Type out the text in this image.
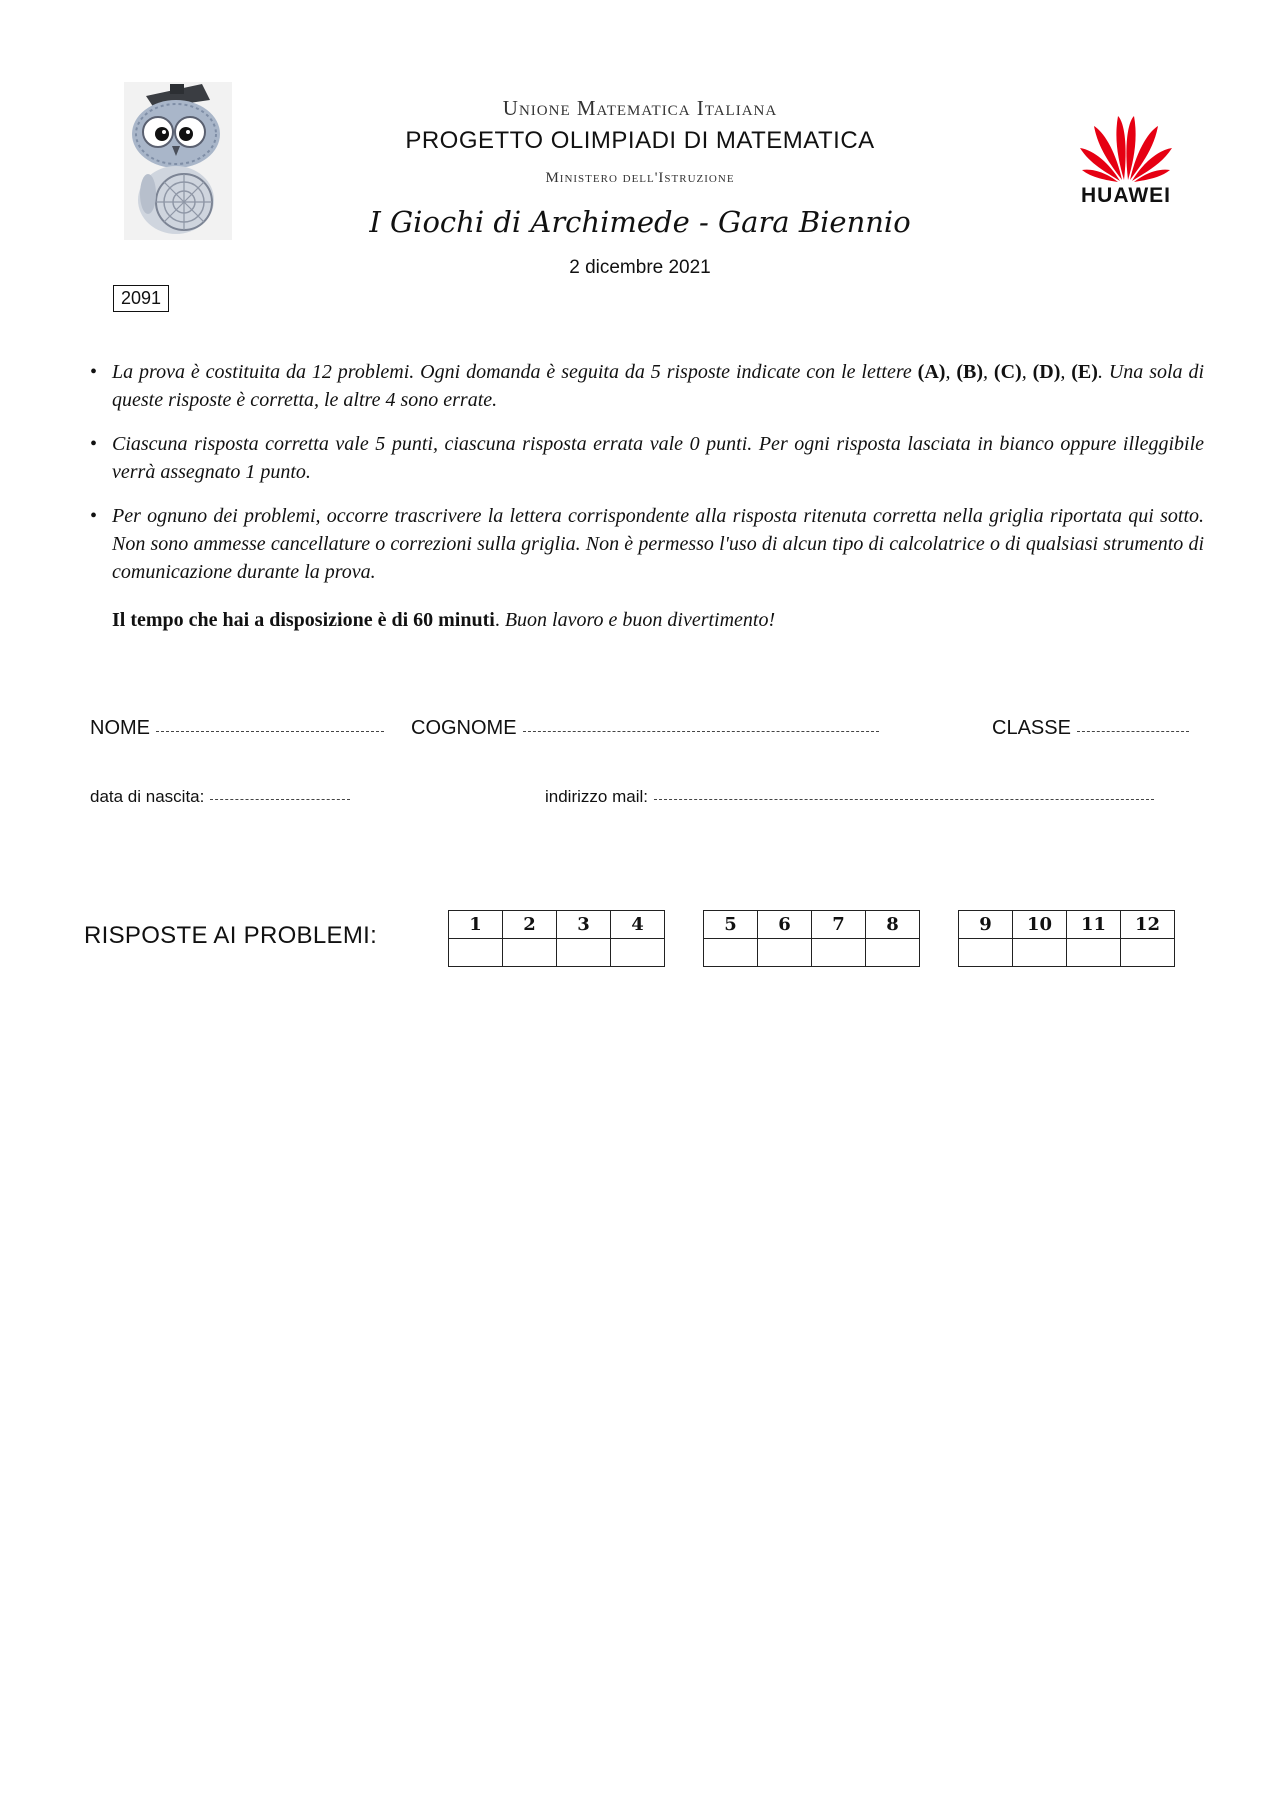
Unione Matematica Italiana
PROGETTO OLIMPIADI DI MATEMATICA
Ministero dell'Istruzione
I Giochi di Archimede - Gara Biennio
2 dicembre 2021
HUAWEI
2091
• La prova è costituita da 12 problemi. Ogni domanda è seguita da 5 risposte indicate con le lettere (A), (B), (C), (D), (E). Una sola di queste risposte è corretta, le altre 4 sono errate.
• Ciascuna risposta corretta vale 5 punti, ciascuna risposta errata vale 0 punti. Per ogni risposta lasciata in bianco oppure illeggibile verrà assegnato 1 punto.
• Per ognuno dei problemi, occorre trascrivere la lettera corrispondente alla risposta ritenuta corretta nella griglia riportata qui sotto. Non sono ammesse cancellature o correzioni sulla griglia. Non è permesso l'uso di alcun tipo di calcolatrice o di qualsiasi strumento di comunicazione durante la prova.
Il tempo che hai a disposizione è di 60 minuti. Buon lavoro e buon divertimento!
NOME	COGNOME	CLASSE
data di nascita:	indirizzo mail:
RISPOSTE AI PROBLEMI:	1	2	3	4
				5	6	7	8
				9	10	11	12
